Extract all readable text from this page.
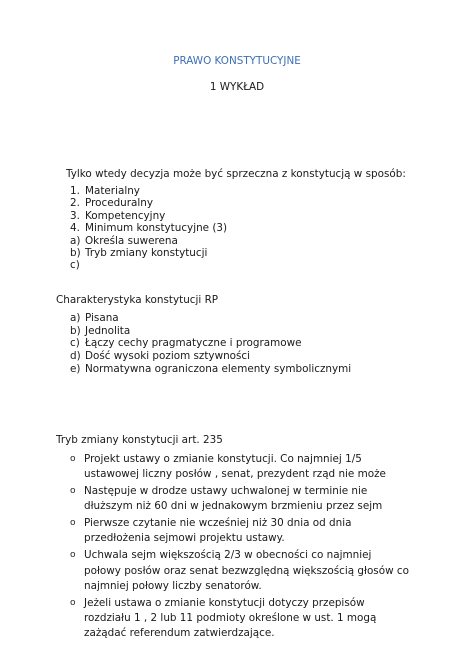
PRAWO KONSTYTUCYJNE
1 WYKŁAD
Tylko wtedy decyzja może być sprzeczna z konstytucją w sposób:
1. Materialny
2. Proceduralny
3. Kompetencyjny
4. Minimum konstytucyjne (3)
a) Określa suwerena
b) Tryb zmiany konstytucji
c)
Charakterystyka konstytucji RP
a) Pisana
b) Jednolita
c) Łączy cechy pragmatyczne i programowe
d) Dość wysoki poziom sztywności
e) Normatywna ograniczona elementy symbolicznymi
Tryb zmiany konstytucji art. 235
o Projekt ustawy o zmianie konstytucji. Co najmniej 1/5 ustawowej liczny posłów , senat, prezydent rząd nie może
o Następuje w drodze ustawy uchwalonej w terminie nie dłuższym niż 60 dni w jednakowym brzmieniu przez sejm
o Pierwsze czytanie nie wcześniej niż 30 dnia od dnia przedłożenia sejmowi projektu ustawy.
o Uchwala sejm większością 2/3 w obecności co najmniej połowy posłów oraz senat bezwzględną większością głosów co najmniej połowy liczby senatorów.
o Jeżeli ustawa o zmianie konstytucji dotyczy przepisów rozdziału 1 , 2 lub 11 podmioty określone w ust. 1 mogą zażądać referendum zatwierdzające.
